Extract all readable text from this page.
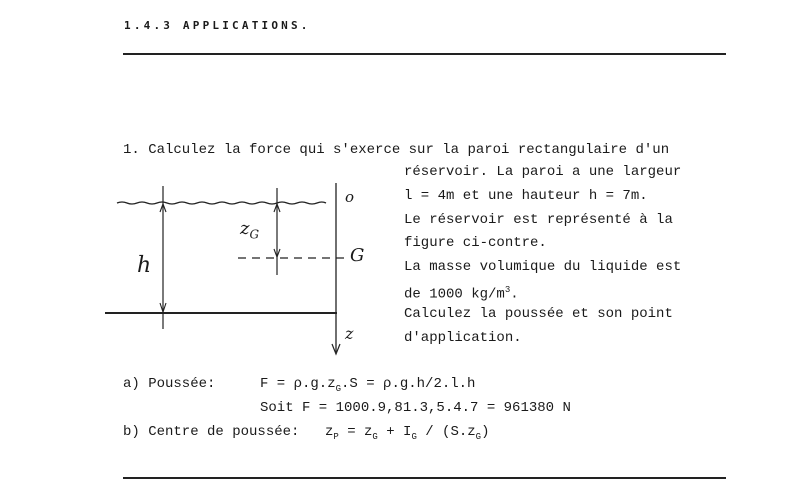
1.4.3 APPLICATIONS.
1. Calculez la force qui s'exerce sur la paroi rectangulaire d'un
réservoir. La paroi a une largeur
l = 4m et une hauteur h = 7m.
Le réservoir est représenté à la
figure ci-contre.
La masse volumique du liquide est
de 1000 $kg/m^3$.
Calculez la poussée et son point
d'application.
o
G
z
h
$z_G$
a) Poussée:	$F = \rho.g.z_G.S = \rho.g.h/2.l.h$
Soit F = 1000.9,81.3,5.4.7 = 961380 N
b) Centre de poussée: $z_P = z_G + I_G / (S.z_G)$
